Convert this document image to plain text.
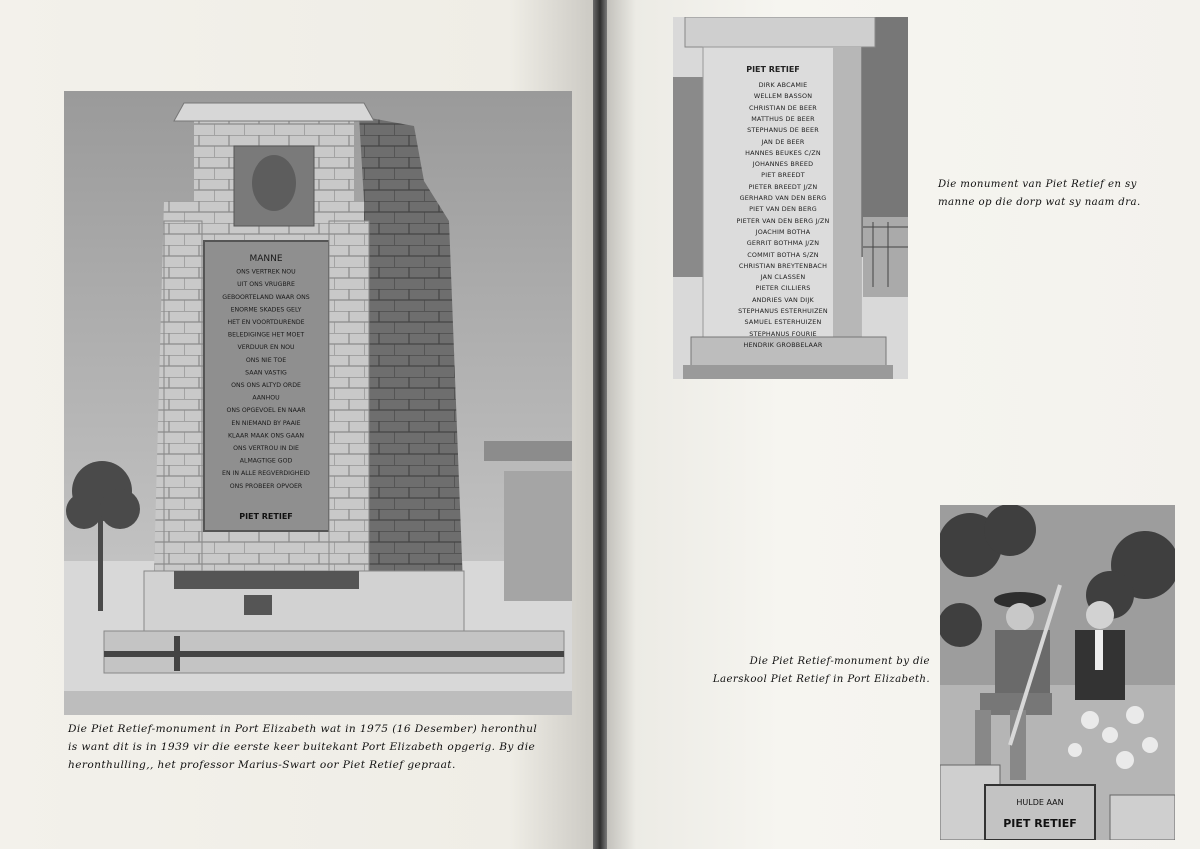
MANNE
ONS VERTREK NOU
UIT ONS VRUGBRE
GEBOORTELAND WAAR ONS
ENORME SKADES GELY
HET EN VOORTDURENDE
BELEDIGINGE HET MOET
VERDUUR EN NOU
ONS NIE TOE
SAAN VASTIG
ONS ONS ALTYD ORDE
AANHOU
ONS OPGEVOEL EN NAAR
EN NIEMAND BY PAAIE
KLAAR MAAK ONS GAAN
ONS VERTROU IN DIE
ALMAGTIGE GOD
EN IN ALLE REGVERDIGHEID
ONS PROBEER OPVOER
PIET RETIEF
Die Piet Retief-monument in Port Elizabeth wat in 1975 (16 Desember) heronthul
is want dit is in 1939 vir die eerste keer buitekant Port Elizabeth opgerig. By die
heronthulling,, het professor Marius-Swart oor Piet Retief gepraat.
PIET RETIEF
DIRK ABCAMIE
WELLEM BASSON
CHRISTIAN DE BEER
MATTHUS DE BEER
STEPHANUS DE BEER
JAN DE BEER
HANNES BEUKES C/ZN
JOHANNES BREED
PIET BREEDT
PIETER BREEDT J/ZN
GERHARD VAN DEN BERG
PIET VAN DEN BERG
PIETER VAN DEN BERG J/ZN
JOACHIM BOTHA
GERRIT BOTHMA J/ZN
COMMIT BOTHA S/ZN
CHRISTIAN BREYTENBACH
JAN CLASSEN
PIETER CILLIERS
ANDRIES VAN DIJK
STEPHANUS ESTERHUIZEN
SAMUEL ESTERHUIZEN
STEPHANUS FOURIE
HENDRIK GROBBELAAR
Die monument van Piet Retief en sy
manne op die dorp wat sy naam dra.
Die Piet Retief-monument by die
Laerskool Piet Retief in Port Elizabeth.
HULDE AAN
PIET RETIEF
